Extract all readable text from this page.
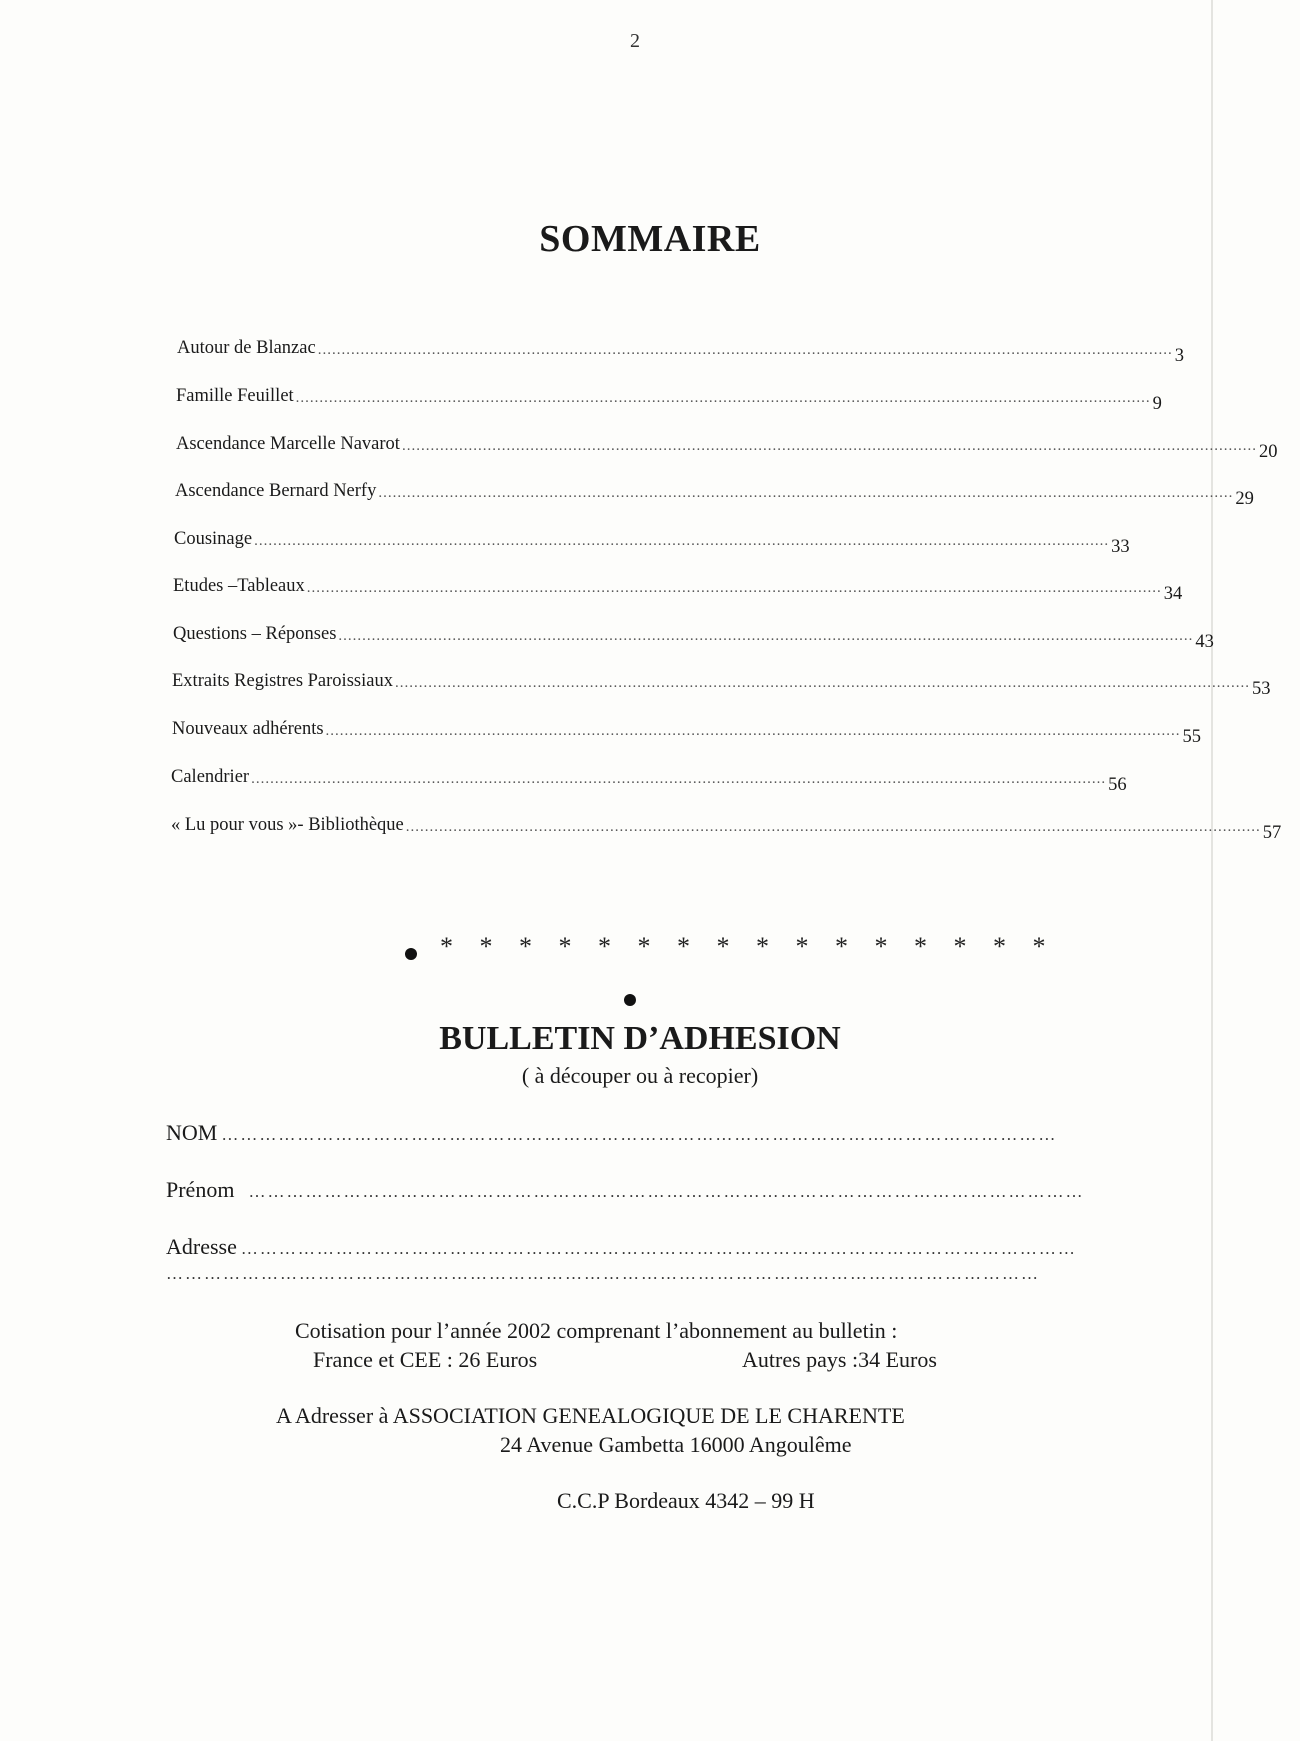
2
SOMMAIRE
Autour de Blanzac .................................................................................................................................................................................... 3
Famille Feuillet .................................................................................................................................................................................... 9
Ascendance Marcelle Navarot .................................................................................................................................................................................... 20
Ascendance Bernard Nerfy .................................................................................................................................................................................... 29
Cousinage .................................................................................................................................................................................... 33
Etudes –Tableaux .................................................................................................................................................................................... 34
Questions – Réponses .................................................................................................................................................................................... 43
Extraits Registres Paroissiaux .................................................................................................................................................................................... 53
Nouveaux adhérents .................................................................................................................................................................................... 55
Calendrier .................................................................................................................................................................................... 56
« Lu pour vous »- Bibliothèque .................................................................................................................................................................................... 57
* * * * * * * * * * * * * * * *
BULLETIN D’ADHESION
( à découper ou à recopier)
NOM ……………………………………………………………………………………………………………………
Prénom ……………………………………………………………………………………………………………………
Adresse ……………………………………………………………………………………………………………………
…………………………………………………………………………………………………………………………
Cotisation pour l’année 2002 comprenant l’abonnement au bulletin :
France et CEE : 26 Euros	Autres pays :34 Euros
A Adresser à ASSOCIATION GENEALOGIQUE DE LE CHARENTE
24 Avenue Gambetta 16000 Angoulême
C.C.P Bordeaux 4342 – 99 H
